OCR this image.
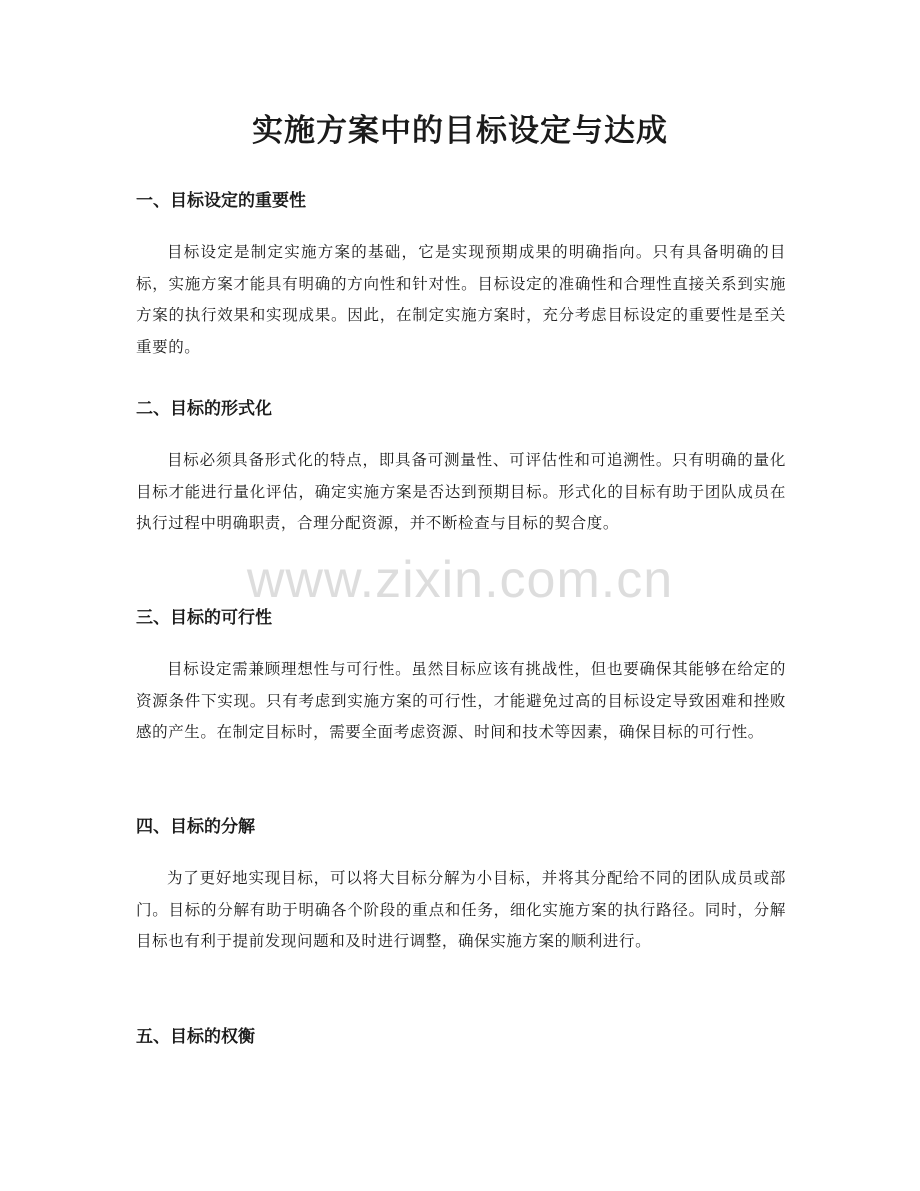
实施方案中的目标设定与达成
一、目标设定的重要性

目标设定是制定实施方案的基础，它是实现预期成果的明确指向。只有具备明确的目标，实施方案才能具有明确的方向性和针对性。目标设定的准确性和合理性直接关系到实施方案的执行效果和实现成果。因此，在制定实施方案时，充分考虑目标设定的重要性是至关重要的。

二、目标的形式化

目标必须具备形式化的特点，即具备可测量性、可评估性和可追溯性。只有明确的量化目标才能进行量化评估，确定实施方案是否达到预期目标。形式化的目标有助于团队成员在执行过程中明确职责，合理分配资源，并不断检查与目标的契合度。

三、目标的可行性

目标设定需兼顾理想性与可行性。虽然目标应该有挑战性，但也要确保其能够在给定的资源条件下实现。只有考虑到实施方案的可行性，才能避免过高的目标设定导致困难和挫败感的产生。在制定目标时，需要全面考虑资源、时间和技术等因素，确保目标的可行性。

四、目标的分解

为了更好地实现目标，可以将大目标分解为小目标，并将其分配给不同的团队成员或部门。目标的分解有助于明确各个阶段的重点和任务，细化实施方案的执行路径。同时，分解目标也有利于提前发现问题和及时进行调整，确保实施方案的顺利进行。

五、目标的权衡
www.zixin.com.cn
